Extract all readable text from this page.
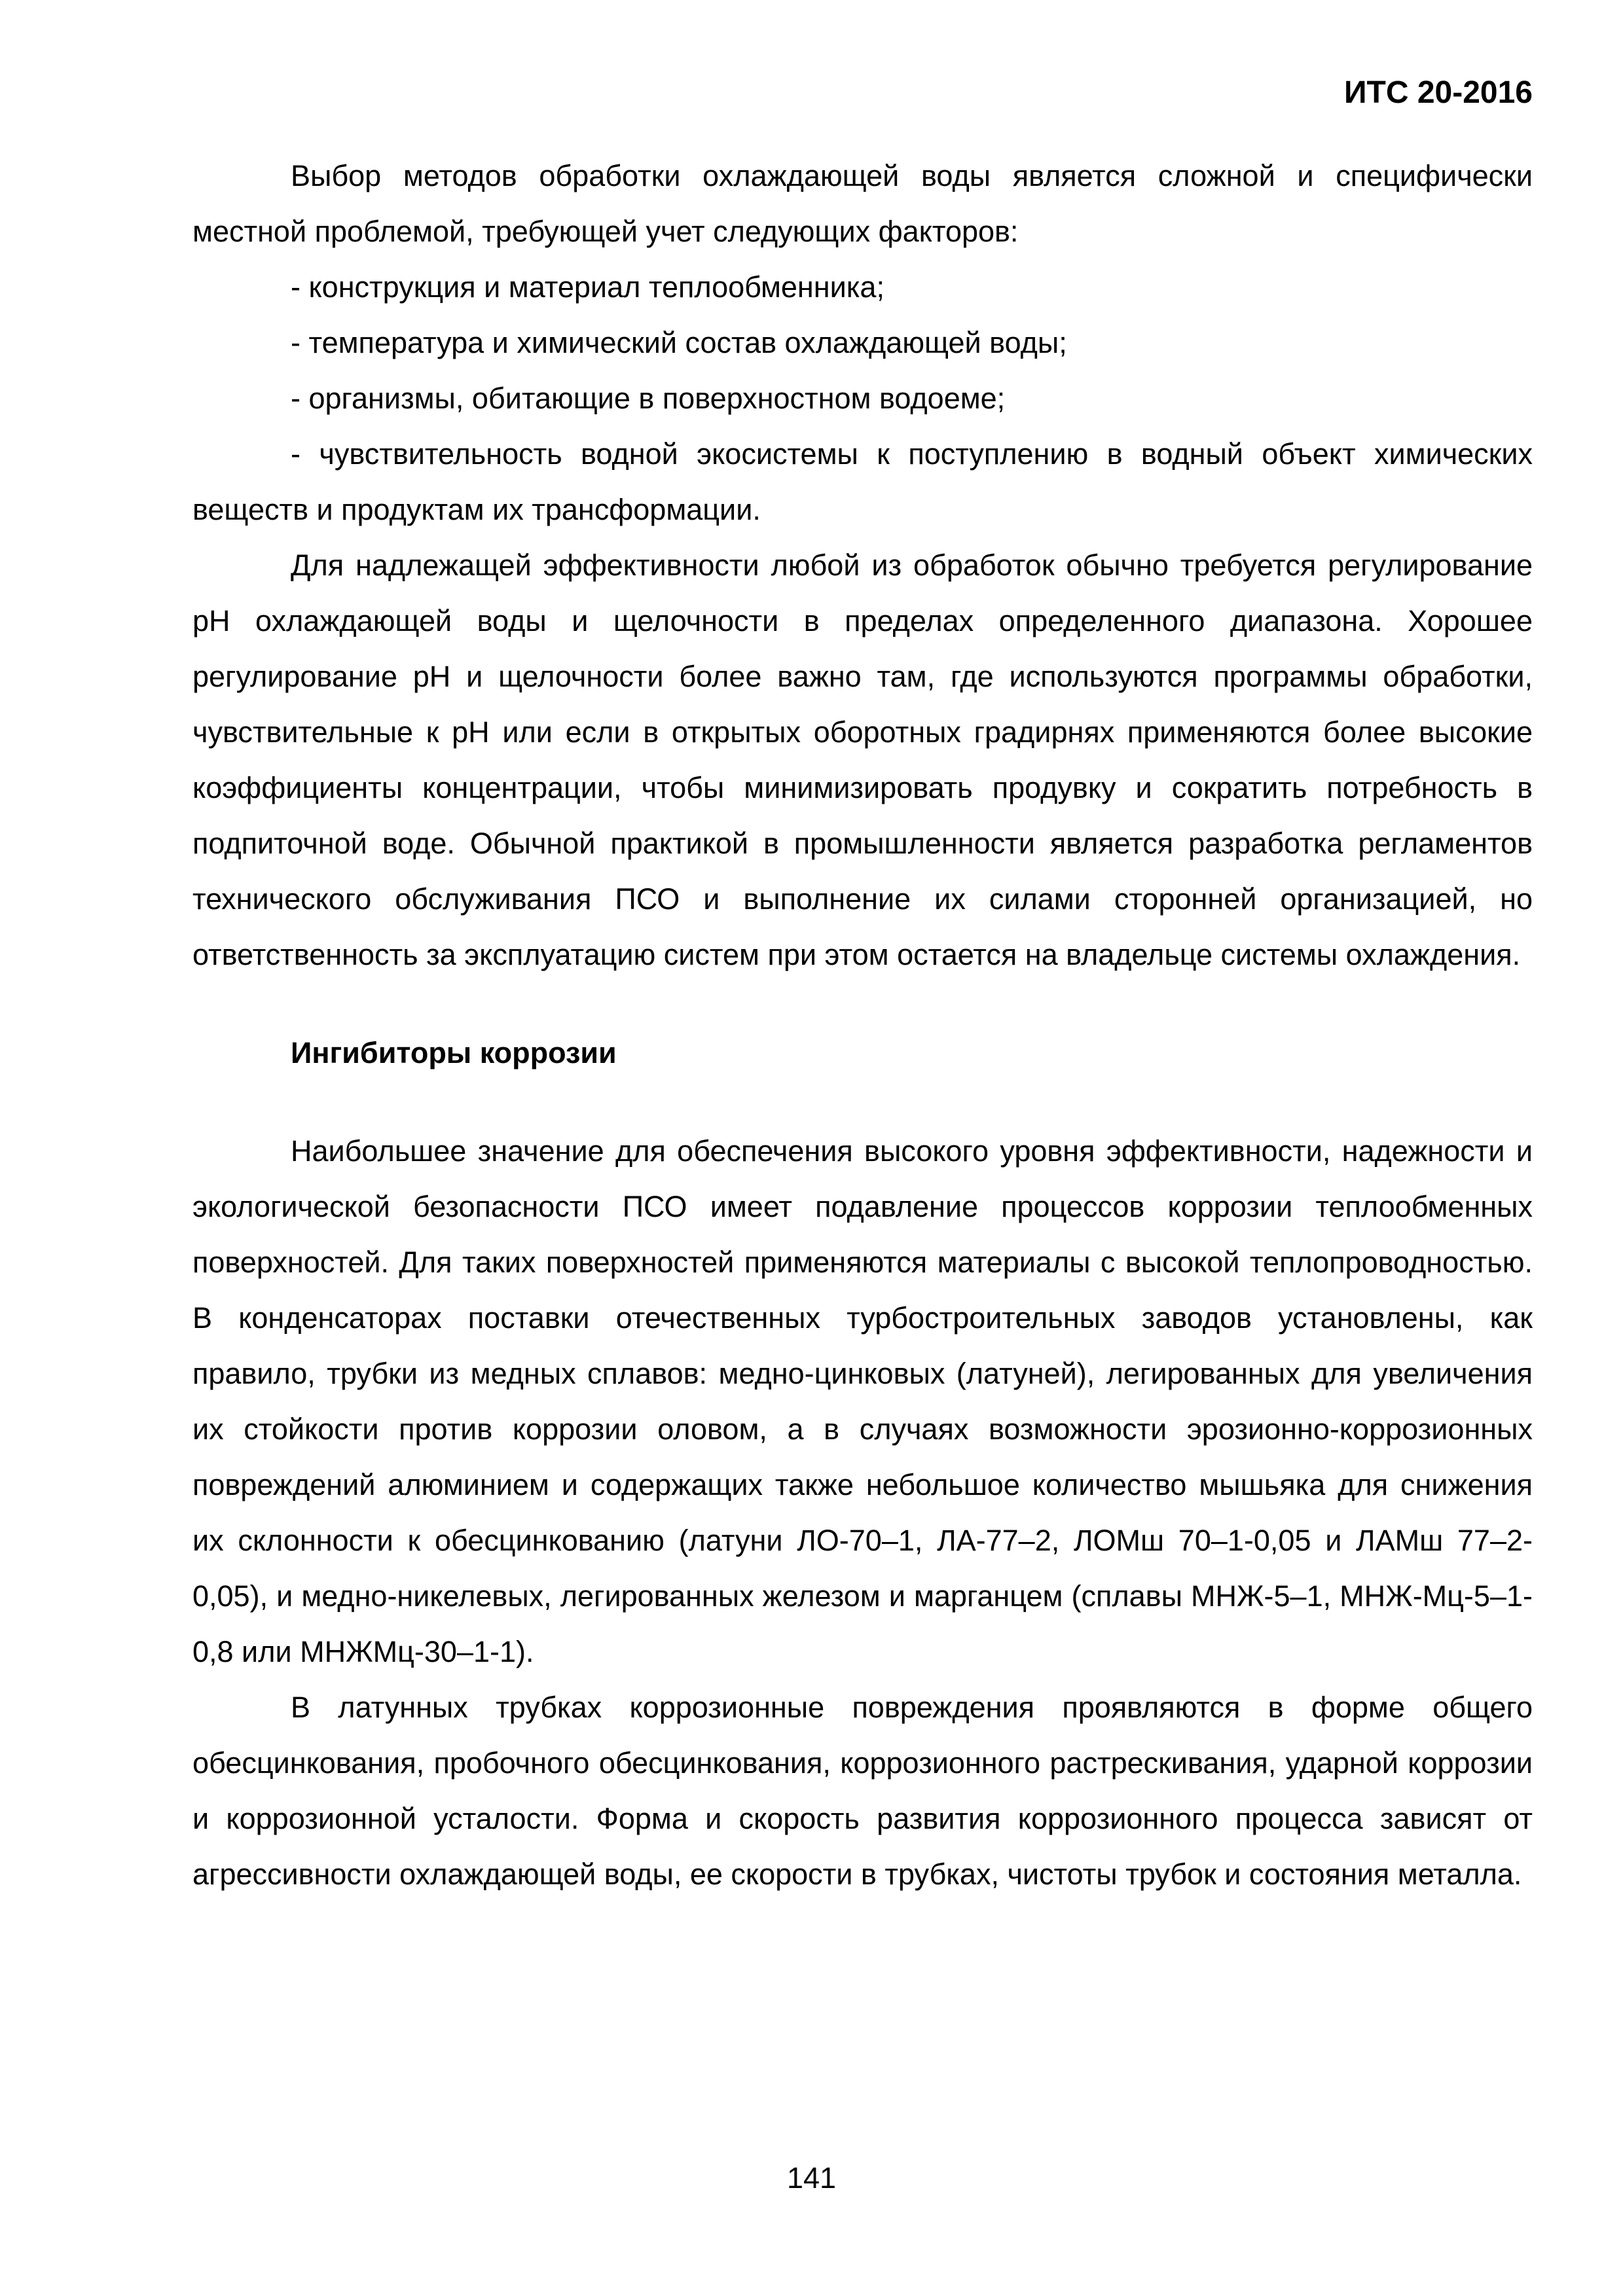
ИТС 20-2016

Выбор методов обработки охлаждающей воды является сложной и специфически местной проблемой, требующей учет следующих факторов:

- конструкция и материал теплообменника;

- температура и химический состав охлаждающей воды;

- организмы, обитающие в поверхностном водоеме;

- чувствительность водной экосистемы к поступлению в водный объект химических веществ и продуктам их трансформации.

Для надлежащей эффективности любой из обработок обычно требуется регулирование pH охлаждающей воды и щелочности в пределах определенного диапазона. Хорошее регулирование pH и щелочности более важно там, где используются программы обработки, чувствительные к pH или если в открытых оборотных градирнях применяются более высокие коэффициенты концентрации, чтобы минимизировать продувку и сократить потребность в подпиточной воде. Обычной практикой в промышленности является разработка регламентов технического обслуживания ПСО и выполнение их силами сторонней организацией, но ответственность за эксплуатацию систем при этом остается на владельце системы охлаждения.

Ингибиторы коррозии

Наибольшее значение для обеспечения высокого уровня эффективности, надежности и экологической безопасности ПСО имеет подавление процессов коррозии теплообменных поверхностей. Для таких поверхностей применяются материалы с высокой теплопроводностью. В конденсаторах поставки отечественных турбостроительных заводов установлены, как правило, трубки из медных сплавов: медно-цинковых (латуней), легированных для увеличения их стойкости против коррозии оловом, а в случаях возможности эрозионно-коррозионных повреждений алюминием и содержащих также небольшое количество мышьяка для снижения их склонности к обесцинкованию (латуни ЛО-70–1, ЛА-77–2, ЛОМш 70–1-0,05 и ЛАМш 77–2-0,05), и медно-никелевых, легированных железом и марганцем (сплавы МНЖ-5–1, МНЖ-Мц-5–1-0,8 или МНЖМц-30–1-1).

В латунных трубках коррозионные повреждения проявляются в форме общего обесцинкования, пробочного обесцинкования, коррозионного растрескивания, ударной коррозии и коррозионной усталости. Форма и скорость развития коррозионного процесса зависят от агрессивности охлаждающей воды, ее скорости в трубках, чистоты трубок и состояния металла.

141
